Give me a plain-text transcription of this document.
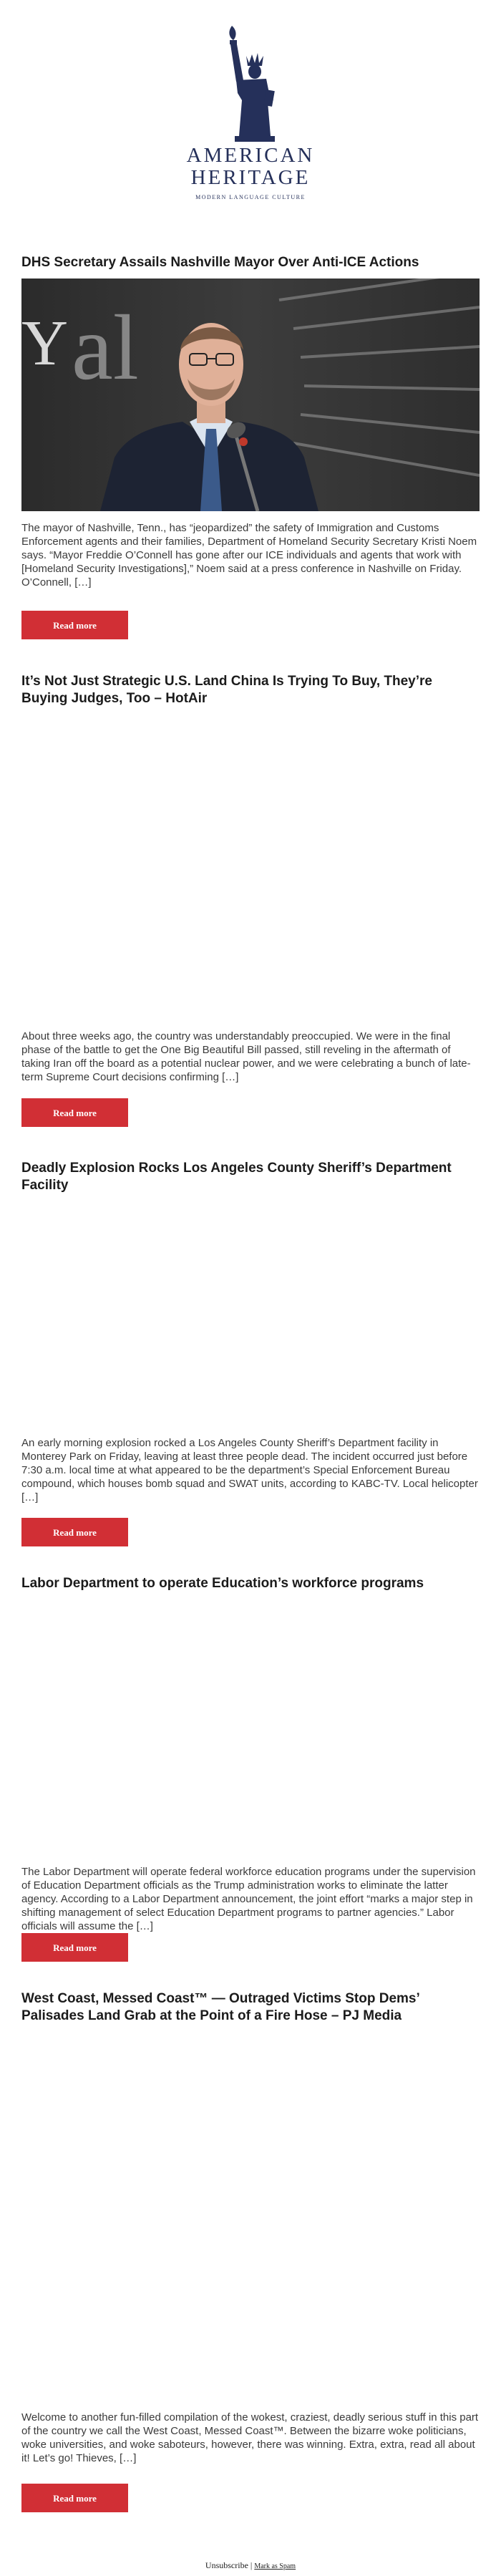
AMERICAN
HERITAGE
MODERN LANGUAGE CULTURE
DHS Secretary Assails Nashville Mayor Over Anti-ICE Actions
Y al

The mayor of Nashville, Tenn., has “jeopardized” the safety of Immigration and Customs Enforcement agents and their families, Department of Homeland Security Secretary Kristi Noem says. “Mayor Freddie O’Connell has gone after our ICE individuals and agents that work with [Homeland Security Investigations],” Noem said at a press conference in Nashville on Friday. O’Connell, […]

Read more
It’s Not Just Strategic U.S. Land China Is Trying To Buy, They’re Buying Judges, Too – HotAir

About three weeks ago, the country was understandably preoccupied. We were in the final phase of the battle to get the One Big Beautiful Bill passed, still reveling in the aftermath of taking Iran off the board as a potential nuclear power, and we were celebrating a bunch of late-term Supreme Court decisions confirming […]

Read more
Deadly Explosion Rocks Los Angeles County Sheriff’s Department Facility

An early morning explosion rocked a Los Angeles County Sheriff’s Department facility in Monterey Park on Friday, leaving at least three people dead. The incident occurred just before 7:30 a.m. local time at what appeared to be the department’s Special Enforcement Bureau compound, which houses bomb squad and SWAT units, according to KABC-TV. Local helicopter […]

Read more
Labor Department to operate Education’s workforce programs

The Labor Department will operate federal workforce education programs under the supervision of Education Department officials as the Trump administration works to eliminate the latter agency. According to a Labor Department announcement, the joint effort “marks a major step in shifting management of select Education Department programs to partner agencies.” Labor officials will assume the […]

Read more
West Coast, Messed Coast™ — Outraged Victims Stop Dems’ Palisades Land Grab at the Point of a Fire Hose – PJ Media

Welcome to another fun-filled compilation of the wokest, craziest, deadly serious stuff in this part of the country we call the West Coast, Messed Coast™. Between the bizarre woke politicians, woke universities, and woke saboteurs, however, there was winning. Extra, extra, read all about it! Let’s go! Thieves, […]

Read more
Unsubscribe | Mark as Spam
